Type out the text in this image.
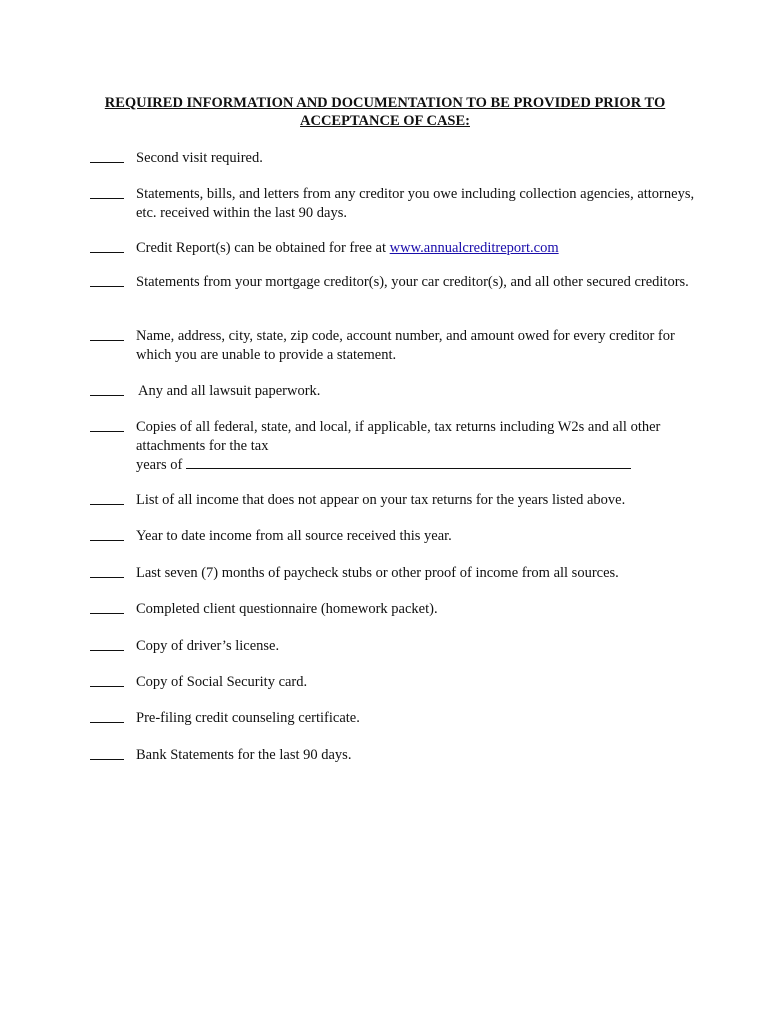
REQUIRED INFORMATION AND DOCUMENTATION TO BE PROVIDED PRIOR TO
ACCEPTANCE OF CASE:
Second visit required.
Statements, bills, and letters from any creditor you owe including collection agencies, attorneys, etc. received within the last 90 days.
Credit Report(s) can be obtained for free at www.annualcreditreport.com
Statements from your mortgage creditor(s), your car creditor(s), and all other secured creditors.
Name, address, city, state, zip code, account number, and amount owed for every creditor for which you are unable to provide a statement.
Any and all lawsuit paperwork.
Copies of all federal, state, and local, if applicable, tax returns including W2s and all other attachments for the tax
years of
List of all income that does not appear on your tax returns for the years listed above.
Year to date income from all source received this year.
Last seven (7) months of paycheck stubs or other proof of income from all sources.
Completed client questionnaire (homework packet).
Copy of driver’s license.
Copy of Social Security card.
Pre-filing credit counseling certificate.
Bank Statements for the last 90 days.
